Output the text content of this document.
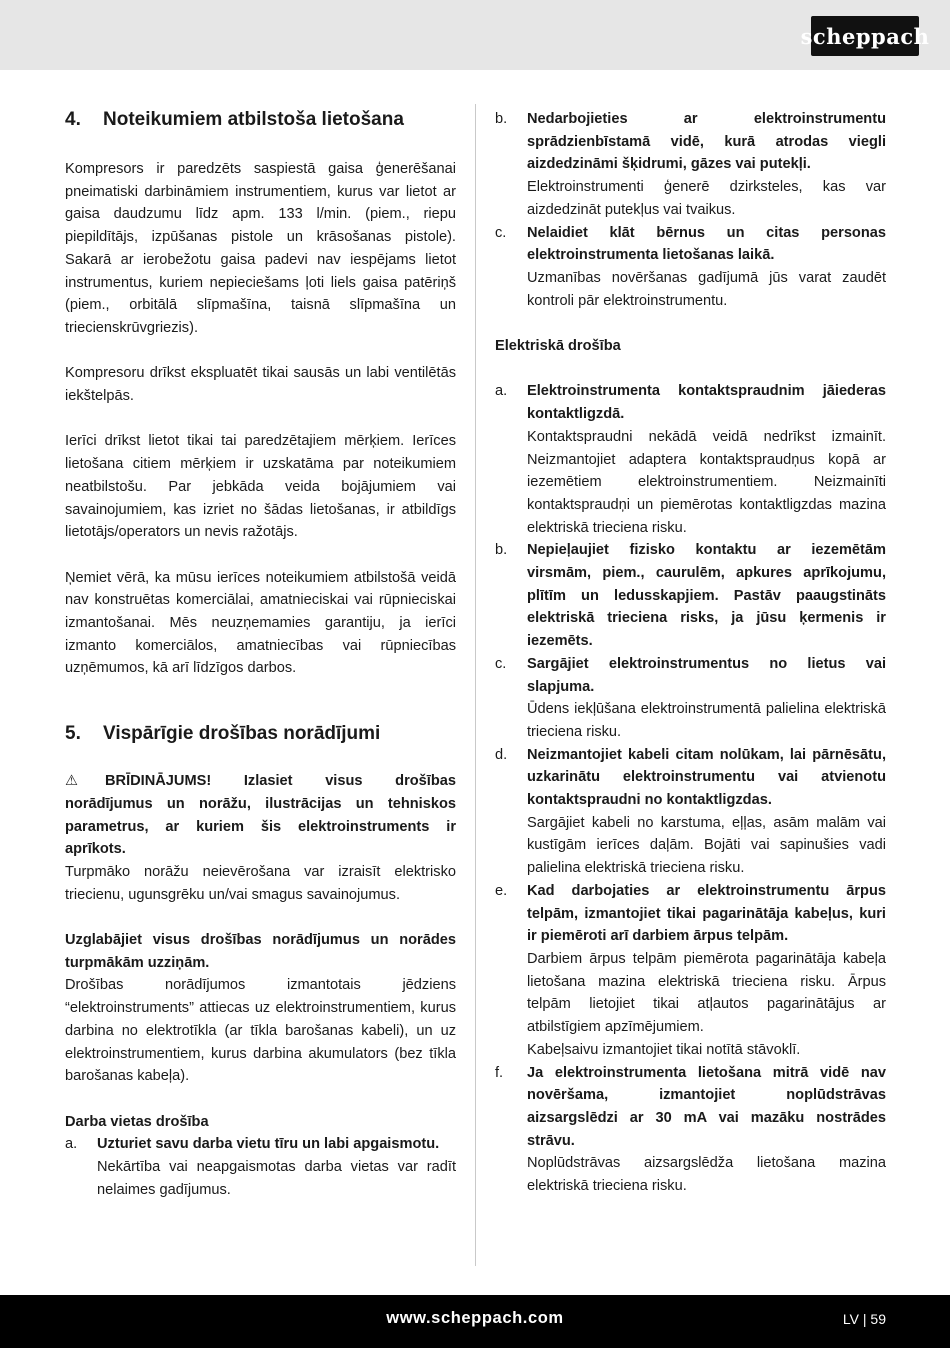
scheppach
4.	Noteikumiem atbilstoša lietošana

Kompresors ir paredzēts saspiestā gaisa ģenerēšanai pneimatiski darbināmiem instrumentiem, kurus var lietot ar gaisa daudzumu līdz apm. 133 l/min. (piem., riepu piepildītājs, izpūšanas pistole un krāsošanas pistole). Sakarā ar ierobežotu gaisa padevi nav iespējams lietot instrumentus, kuriem nepieciešams ļoti liels gaisa patēriņš (piem., orbitālā slīpmašīna, taisnā slīpmašīna un triecienskrūvgriezis).

Kompresoru drīkst ekspluatēt tikai sausās un labi ventilētās iekštelpās.

Ierīci drīkst lietot tikai tai paredzētajiem mērķiem. Ierīces lietošana citiem mērķiem ir uzskatāma par noteikumiem neatbilstošu. Par jebkāda veida bojājumiem vai savainojumiem, kas izriet no šādas lietošanas, ir atbildīgs lietotājs/operators un nevis ražotājs.

Ņemiet vērā, ka mūsu ierīces noteikumiem atbilstošā veidā nav konstruētas komerciālai, amatnieciskai vai rūpnieciskai izmantošanai. Mēs neuzņemamies garantiju, ja ierīci izmanto komerciālos, amatniecības vai rūpniecības uzņēmumos, kā arī līdzīgos darbos.

5.	Vispārīgie drošības norādījumi

⚠ BRĪDINĀJUMS! Izlasiet visus drošības norādījumus un norāžu, ilustrācijas un tehniskos parametrus, ar kuriem šis elektroinstruments ir aprīkots.

Turpmāko norāžu neievērošana var izraisīt elektrisko triecienu, ugunsgrēku un/vai smagus savainojumus.

Uzglabājiet visus drošības norādījumus un norādes turpmākām uzziņām.

Drošības norādījumos izmantotais jēdziens “elektroinstruments” attiecas uz elektroinstrumentiem, kurus darbina no elektrotīkla (ar tīkla barošanas kabeli), un uz elektroinstrumentiem, kurus darbina akumulators (bez tīkla barošanas kabeļa).

Darba vietas drošība

a.	Uzturiet savu darba vietu tīru un labi apgaismotu.

Nekārtība vai neapgaismotas darba vietas var radīt nelaimes gadījumus.

b.	Nedarbojieties ar elektroinstrumentu sprādzienbīstamā vidē, kurā atrodas viegli aizdedzināmi šķidrumi, gāzes vai putekļi.

Elektroinstrumenti ģenerē dzirksteles, kas var aizdedzināt putekļus vai tvaikus.

c.	Nelaidiet klāt bērnus un citas personas elektroinstrumenta lietošanas laikā.

Uzmanības novēršanas gadījumā jūs varat zaudēt kontroli pār elektroinstrumentu.

Elektriskā drošība

a.	Elektroinstrumenta kontaktspraudnim jāiederas kontaktligzdā.

Kontaktspraudni nekādā veidā nedrīkst izmainīt. Neizmantojiet adaptera kontaktspraudņus kopā ar iezemētiem elektroinstrumentiem. Neizmainīti kontaktspraudņi un piemērotas kontaktligzdas mazina elektriskā trieciena risku.

b.	Nepieļaujiet fizisko kontaktu ar iezemētām virsmām, piem., caurulēm, apkures aprīkojumu, plītīm un ledusskapjiem. Pastāv paaugstināts elektriskā trieciena risks, ja jūsu ķermenis ir iezemēts.

c.	Sargājiet elektroinstrumentus no lietus vai slapjuma.

Ūdens iekļūšana elektroinstrumentā palielina elektriskā trieciena risku.

d.	Neizmantojiet kabeli citam nolūkam, lai pārnēsātu, uzkarinātu elektroinstrumentu vai atvienotu kontaktspraudni no kontaktligzdas.

Sargājiet kabeli no karstuma, eļļas, asām malām vai kustīgām ierīces daļām. Bojāti vai sapinušies vadi palielina elektriskā trieciena risku.

e.	Kad darbojaties ar elektroinstrumentu ārpus telpām, izmantojiet tikai pagarinātāja kabeļus, kuri ir piemēroti arī darbiem ārpus telpām.

Darbiem ārpus telpām piemērota pagarinātāja kabeļa lietošana mazina elektriskā trieciena risku. Ārpus telpām lietojiet tikai atļautos pagarinātājus ar atbilstīgiem apzīmējumiem.

Kabeļsaivu izmantojiet tikai notītā stāvoklī.

f.	Ja elektroinstrumenta lietošana mitrā vidē nav novēršama, izmantojiet noplūdstrāvas aizsargslēdzi ar 30 mA vai mazāku nostrādes strāvu.

Noplūdstrāvas aizsargslēdža lietošana mazina elektriskā trieciena risku.

www.scheppach.com	LV | 59
